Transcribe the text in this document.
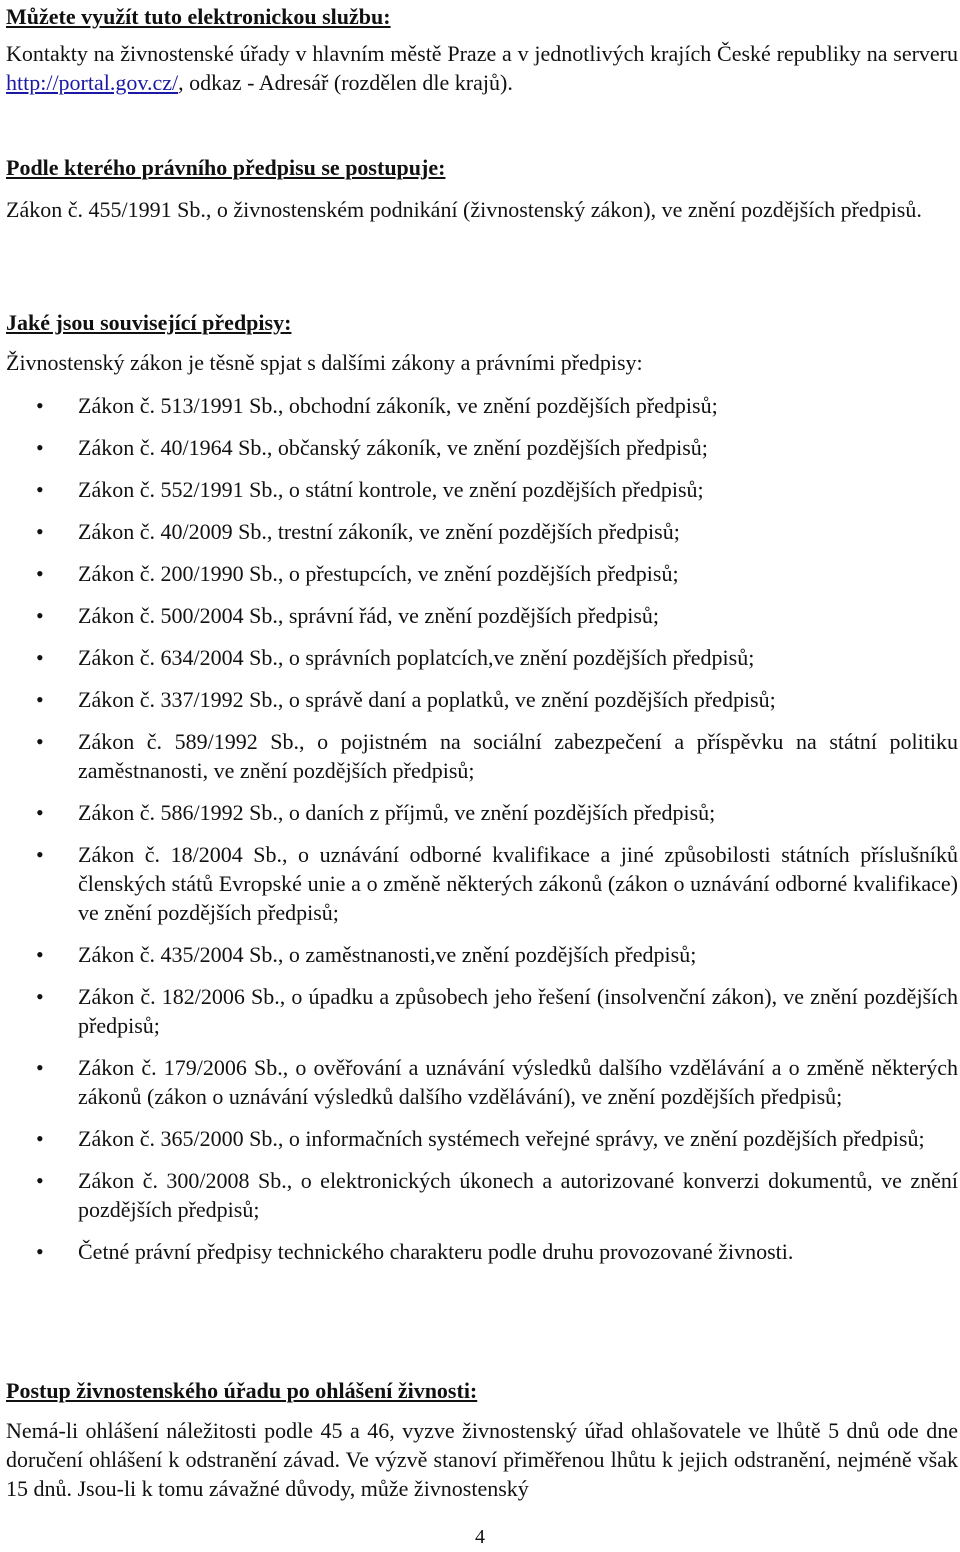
Můžete využít tuto elektronickou službu:

Kontakty na živnostenské úřady v hlavním městě Praze a v jednotlivých krajích České republiky na serveru http://portal.gov.cz/, odkaz - Adresář (rozdělen dle krajů).

Podle kterého právního předpisu se postupuje:

Zákon č. 455/1991 Sb., o živnostenském podnikání (živnostenský zákon), ve znění pozdějších předpisů.

Jaké jsou související předpisy:

Živnostenský zákon je těsně spjat s dalšími zákony a právními předpisy:

• Zákon č. 513/1991 Sb., obchodní zákoník, ve znění pozdějších předpisů;
• Zákon č. 40/1964 Sb., občanský zákoník, ve znění pozdějších předpisů;
• Zákon č. 552/1991 Sb., o státní kontrole, ve znění pozdějších předpisů;
• Zákon č. 40/2009 Sb., trestní zákoník, ve znění pozdějších předpisů;
• Zákon č. 200/1990 Sb., o přestupcích, ve znění pozdějších předpisů;
• Zákon č. 500/2004 Sb., správní řád, ve znění pozdějších předpisů;
• Zákon č. 634/2004 Sb., o správních poplatcích,ve znění pozdějších předpisů;
• Zákon č. 337/1992 Sb., o správě daní a poplatků, ve znění pozdějších předpisů;
• Zákon č. 589/1992 Sb., o pojistném na sociální zabezpečení a příspěvku na státní politiku zaměstnanosti, ve znění pozdějších předpisů;
• Zákon č. 586/1992 Sb., o daních z příjmů, ve znění pozdějších předpisů;
• Zákon č. 18/2004 Sb., o uznávání odborné kvalifikace a jiné způsobilosti státních příslušníků členských států Evropské unie a o změně některých zákonů (zákon o uznávání odborné kvalifikace) ve znění pozdějších předpisů;
• Zákon č. 435/2004 Sb., o zaměstnanosti,ve znění pozdějších předpisů;
• Zákon č. 182/2006 Sb., o úpadku a způsobech jeho řešení (insolvenční zákon), ve znění pozdějších předpisů;
• Zákon č. 179/2006 Sb., o ověřování a uznávání výsledků dalšího vzdělávání a o změně některých zákonů (zákon o uznávání výsledků dalšího vzdělávání), ve znění pozdějších předpisů;
• Zákon č. 365/2000 Sb., o informačních systémech veřejné správy, ve znění pozdějších předpisů;
• Zákon č. 300/2008 Sb., o elektronických úkonech a autorizované konverzi dokumentů, ve znění pozdějších předpisů;
• Četné právní předpisy technického charakteru podle druhu provozované živnosti.
Postup živnostenského úřadu po ohlášení živnosti:

Nemá-li ohlášení náležitosti podle 45 a 46, vyzve živnostenský úřad ohlašovatele ve lhůtě 5 dnů ode dne doručení ohlášení k odstranění závad. Ve výzvě stanoví přiměřenou lhůtu k jejich odstranění, nejméně však 15 dnů. Jsou-li k tomu závažné důvody, může živnostenský

4
